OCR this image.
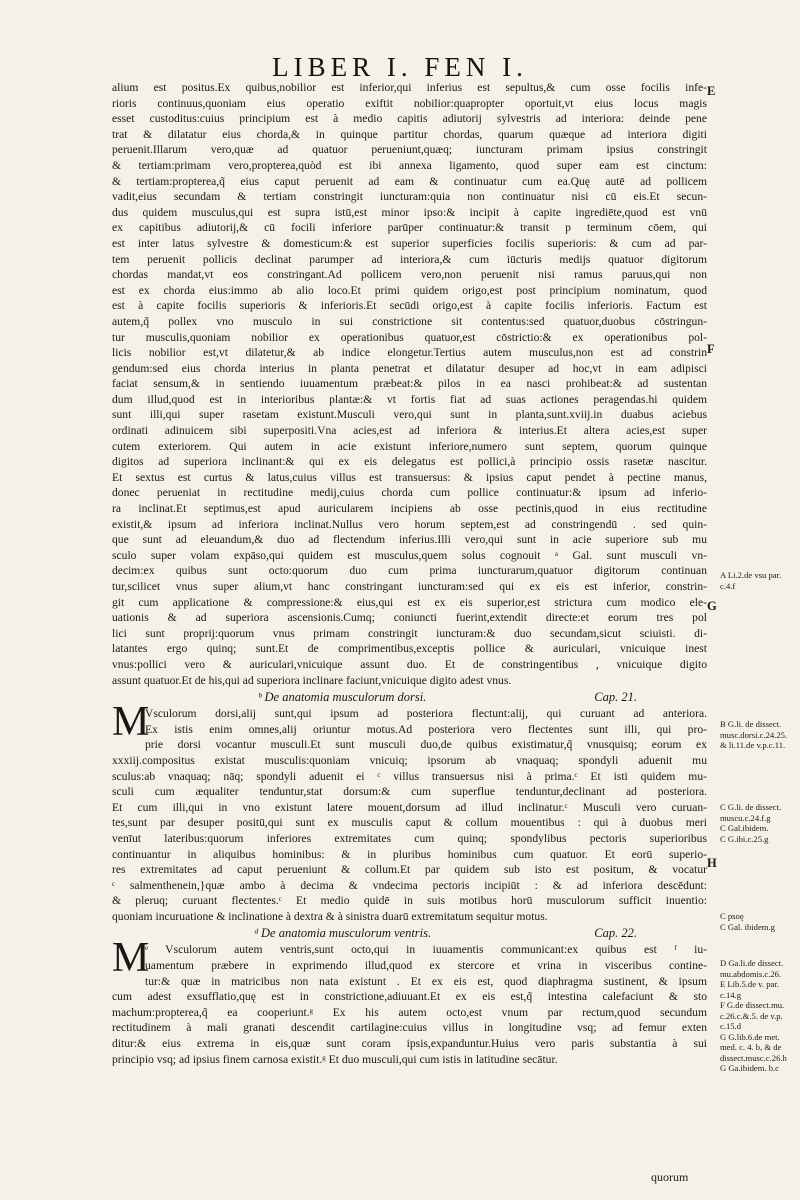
LIBER I. FEN I.
alium est positus.Ex quibus,nobilior est inferior,qui inferius est sepultus,& cum osse focilis infe-
rioris continuus,quoniam eius operatio exiftit nobilior:quapropter oportuit,vt eius locus magis
esset custoditus:cuius principium est à medio capitis adiutorij sylvestris ad interiora: deinde pene
trat & dilatatur eius chorda,& in quinque partitur chordas, quarum quæque ad interiora digiti
peruenit.Illarum vero,quæ ad quatuor perueniunt,quæq; iuncturam primam ipsius constringit
& tertiam:primam vero,propterea,quòd est ibi annexa ligamento, quod super eam est cinctum:
& tertiam:propterea,q̃ eius caput peruenit ad eam & continuatur cum ea.Quę autē ad pollicem
vadit,eius secundam & tertiam constringit iuncturam:quia non continuatur nisi cū eis.Et secun-
dus quidem musculus,qui est supra istū,est minor ipso:& incipit à capite ingrediēte,quod est vnū
ex capitibus adiutorij,& cū focili inferiore parūper continuatur:& transit p terminum cōem, qui
est inter latus sylvestre & domesticum:& est superior superficies focilis superioris: & cum ad par-
tem peruenit pollicis declinat parumper ad interiora,& cum iūcturis medijs quatuor digitorum
chordas mandat,vt eos constringant.Ad pollicem vero,non peruenit nisi ramus paruus,qui non
est ex chorda eius:immo ab alio loco.Et primi quidem origo,est post principium nominatum, quod
est à capite focilis superioris & inferioris.Et secūdi origo,est à capite focilis inferioris. Factum est
autem,q̃ pollex vno musculo in sui constrictione sit contentus:sed quatuor,duobus cōstringun-
tur musculis,quoniam nobilior ex operationibus quatuor,est cōstrictio:& ex operationibus pol-
licis nobilior est,vt dilatetur,& ab indice elongetur.Tertius autem musculus,non est ad constrin
gendum:sed eius chorda interius in planta penetrat et dilatatur desuper ad hoc,vt in eam adipisci
faciat sensum,& in sentiendo iuuamentum præbeat:& pilos in ea nasci prohibeat:& ad sustentan
dum illud,quod est in interioribus plantæ:& vt fortis fiat ad suas actiones peragendas.hi quidem
sunt illi,qui super rasetam existunt.Musculi vero,qui sunt in planta,sunt.xviij.in duabus aciebus
ordinati adinuicem sibi superpositi.Vna acies,est ad inferiora & interius.Et altera acies,est super
cutem exteriorem. Qui autem in acie existunt inferiore,numero sunt septem, quorum quinque
digitos ad superiora inclinant:& qui ex eis delegatus est pollici,à principio ossis rasetæ nascitur.
Et sextus est curtus & latus,cuius villus est transuersus: & ipsius caput pendet à pectine manus,
donec perueniat in rectitudine medij,cuius chorda cum pollice continuatur:& ipsum ad inferio-
ra inclinat.Et septimus,est apud auricularem incipiens ab osse pectinis,quod in eius rectitudine
existit,& ipsum ad inferiora inclinat.Nullus vero horum septem,est ad constringendū . sed quin-
que sunt ad eleuandum,& duo ad flectendum inferius.Illi vero,qui sunt in acie superiore sub mu
sculo super volam expāso,qui quidem est musculus,quem solus cognouit ᵃ Gal. sunt musculi vn-
decim:ex quibus sunt octo:quorum duo cum prima iuncturarum,quatuor digitorum continuan
tur,scilicet vnus super alium,vt hanc constringant iuncturam:sed qui ex eis est inferior, constrin-
git cum applicatione & compressione:& eius,qui est ex eis superior,est strictura cum modico ele-
uationis & ad superiora ascensionis.Cumq; coniuncti fuerint,extendit directe:et eorum tres pol
lici sunt proprij:quorum vnus primam constringit iuncturam:& duo secundam,sicut sciuisti. di-
latantes ergo quinq; sunt.Et de comprimentibus,exceptis pollice & auriculari, vnicuique inest
vnus:pollici vero & auriculari,vnicuique assunt duo. Et de constringentibus , vnicuique digito
assunt quatuor.Et de his,qui ad superiora inclinare faciunt,vnicuique digito adest vnus.
ᵇ De anatomia musculorum dorsi.	Cap. 21.
M
Vsculorum dorsi,alij sunt,qui ipsum ad posteriora flectunt:alij, qui curuant ad anteriora.
Ex istis enim omnes,alij oriuntur motus.Ad posteriora vero flectentes sunt illi, qui pro-
prie dorsi vocantur musculi.Et sunt musculi duo,de quibus existimatur,q̃ vnusquisq; eorum ex
xxxiij.compositus existat musculis:quoniam vnicuiq; ipsorum ab vnaquaq; spondyli aduenit mu
sculus:ab vnaquaq; nāq; spondyli aduenit ei ᶜ villus transuersus nisi à prima.ᶜ Et isti quidem mu-
sculi cum æqualiter tenduntur,stat dorsum:& cum superflue tenduntur,declinant ad posteriora.
Et cum illi,qui in vno existunt latere mouent,dorsum ad illud inclinatur.ᶜ Musculi vero curuan-
tes,sunt par desuper positū,qui sunt ex musculis caput & collum mouentibus : qui à duobus meri
venīut lateribus:quorum inferiores extremitates cum quinq; spondylibus pectoris superioribus
continuantur in aliquibus hominibus: & in pluribus hominibus cum quatuor. Et eorū superio-
res extremitates ad caput perueniunt & collum.Et par quidem sub isto est positum, & vocatur
ᶜ salmenthenein,}quæ ambo à decima & vndecima pectoris incipiūt : & ad inferiora descēdunt:
& pleruq; curuant flectentes.ᶜ Et medio quidē in suis motibus horū musculorum sufficit inuentio:
quoniam incuruatione & inclinatione à dextra & à sinistra duarū extremitatum sequitur motus.
ᵈ De anatomia musculorum ventris.	Cap. 22.
M
ᵉ Vsculorum autem ventris,sunt octo,qui in iuuamentis communicant:ex quibus est ᶠ iu-
uamentum præbere in exprimendo illud,quod ex stercore et vrina in visceribus contine-
tur:& quæ in matricibus non nata existunt . Et ex eis est, quod diaphragma sustinent, & ipsum
cum adest exsufflatio,quę est in constrictione,adiuuant.Et ex eis est,q̃ intestina calefaciunt & sto
machum:propterea,q̃ ea cooperiunt.ᵍ Ex his autem octo,est vnum par rectum,quod secundum
rectitudinem à mali granati descendit cartilagine:cuius villus in longitudine vsq; ad femur exten
ditur:& eius extrema in eis,quæ sunt coram ipsis,expanduntur.Huius vero paris substantia à sui
principio vsq; ad ipsius finem carnosa existit.ᵍ Et duo musculi,qui cum istis in latitudine secātur.
E
F
G
H
A Li.2.de vsu par.
c.4.f
B G.li. de dissect.
musc.dorsi.c.24.25.
& li.11.de v.p.c.11.
C G.li. de dissect.
muscu.c.24.f.g
C Gal.ibidem.
C G.ibi.c.25.g
C psoę
C Gal. ibidem.g
D Ga.li.de dissect.
mu.abdomis.c.26.
E Lib.5.de v. par.
c.14.g
F G.de dissect.mu.
c.26.c.&.5. de v.p.
c.15.d
G G.lib.6.de met.
med. c. 4. b, & de
dissect.musc.c.26.h
G Ga.ibidem. b.c
quorum
